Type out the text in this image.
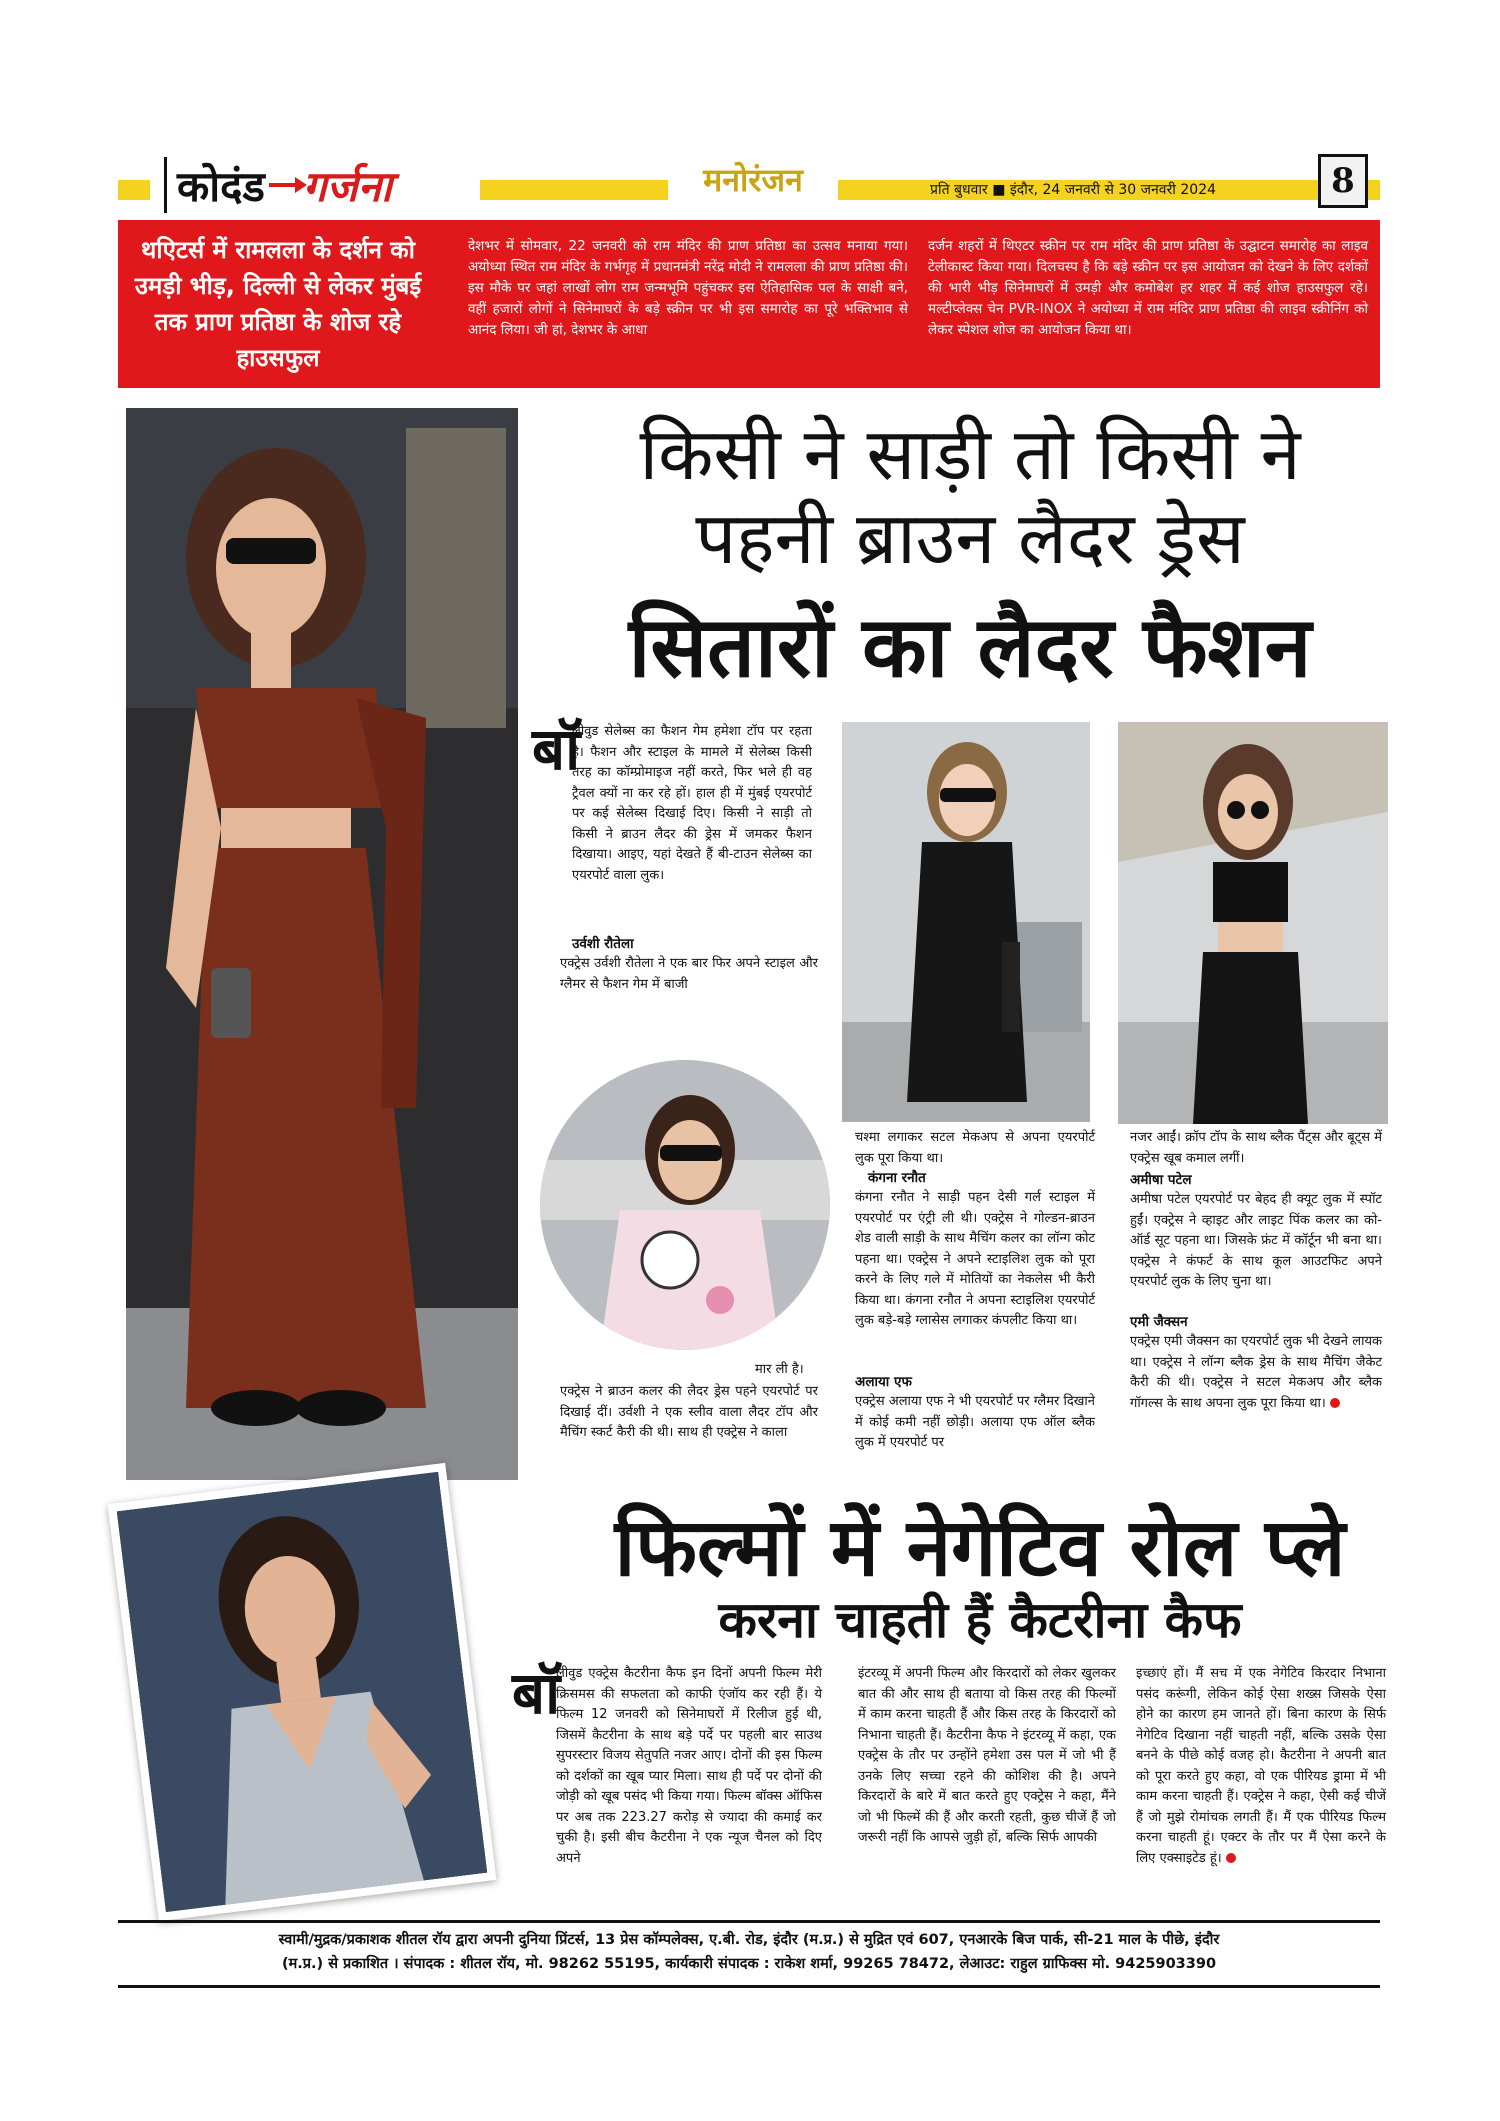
कोदंड गर्जना	मनोरंजन	प्रति बुधवार ■ इंदौर, 24 जनवरी से 30 जनवरी 2024	8
थएिटर्स में रामलला के दर्शन को उमड़ी भीड़, दिल्ली से लेकर मुंबई तक प्राण प्रतिष्ठा के शोज रहे हाउसफुल
देशभर में सोमवार, 22 जनवरी को राम मंदिर की प्राण प्रतिष्ठा का उत्सव मनाया गया। अयोध्या स्थित राम मंदिर के गर्भगृह में प्रधानमंत्री नरेंद्र मोदी ने रामलला की प्राण प्रतिष्ठा की। इस मौके पर जहां लाखों लोग राम जन्मभूमि पहुंचकर इस ऐतिहासिक पल के साक्षी बने, वहीं हजारों लोगों ने सिनेमाघरों के बड़े स्क्रीन पर भी इस समारोह का पूरे भक्तिभाव से आनंद लिया। जी हां, देशभर के आधा
दर्जन शहरों में थिएटर स्क्रीन पर राम मंदिर की प्राण प्रतिष्ठा के उद्घाटन समारोह का लाइव टेलीकास्ट किया गया। दिलचस्प है कि बड़े स्क्रीन पर इस आयोजन को देखने के लिए दर्शकों की भारी भीड़ सिनेमाघरों में उमड़ी और कमोबेश हर शहर में कई शोज हाउसफुल रहे। मल्टीप्लेक्स चेन PVR-INOX ने अयोध्या में राम मंदिर प्राण प्रतिष्ठा की लाइव स्क्रीनिंग को लेकर स्पेशल शोज का आयोजन किया था।
किसी ने साड़ी तो किसी ने
पहनी ब्राउन लैदर ड्रेस
सितारों का लैदर फैशन
बॉ
लीवुड सेलेब्स का फैशन गेम हमेशा टॉप पर रहता है। फैशन और स्टाइल के मामले में सेलेब्स किसी तरह का कॉम्प्रोमाइज नहीं करते, फिर भले ही वह ट्रैवल क्यों ना कर रहे हों। हाल ही में मुंबई एयरपोर्ट पर कई सेलेब्स दिखाई दिए। किसी ने साड़ी तो किसी ने ब्राउन लैदर की ड्रेस में जमकर फैशन दिखाया। आइए, यहां देखते हैं बी-टाउन सेलेब्स का एयरपोर्ट वाला लुक।
उर्वशी रौतेला
एक्ट्रेस उर्वशी रौतेला ने एक बार फिर अपने स्टाइल और ग्लैमर से फैशन गेम में बाजी
मार ली है।
एक्ट्रेस ने ब्राउन कलर की लैदर ड्रेस पहने एयरपोर्ट पर दिखाई दीं। उर्वशी ने एक स्लीव वाला लैदर टॉप और मैचिंग स्कर्ट कैरी की थी। साथ ही एक्ट्रेस ने काला
चश्मा लगाकर सटल मेकअप से अपना एयरपोर्ट लुक पूरा किया था।
कंगना रनौत
कंगना रनौत ने साड़ी पहन देसी गर्ल स्टाइल में एयरपोर्ट पर एंट्री ली थी। एक्ट्रेस ने गोल्डन-ब्राउन शेड वाली साड़ी के साथ मैचिंग कलर का लॉन्ग कोट पहना था। एक्ट्रेस ने अपने स्टाइलिश लुक को पूरा करने के लिए गले में मोतियों का नेकलेस भी कैरी किया था। कंगना रनौत ने अपना स्टाइलिश एयरपोर्ट लुक बड़े-बड़े ग्लासेस लगाकर कंपलीट किया था।
अलाया एफ
एक्ट्रेस अलाया एफ ने भी एयरपोर्ट पर ग्लैमर दिखाने में कोई कमी नहीं छोड़ी। अलाया एफ ऑल ब्लैक लुक में एयरपोर्ट पर
नजर आईं। क्रॉप टॉप के साथ ब्लैक पैंट्स और बूट्स में एक्ट्रेस खूब कमाल लगीं।
अमीषा पटेल
अमीषा पटेल एयरपोर्ट पर बेहद ही क्यूट लुक में स्पॉट हुईं। एक्ट्रेस ने व्हाइट और लाइट पिंक कलर का को-ऑर्ड सूट पहना था। जिसके फ्रंट में कॉर्टून भी बना था। एक्ट्रेस ने कंफर्ट के साथ कूल आउटफिट अपने एयरपोर्ट लुक के लिए चुना था।
एमी जैक्सन
एक्ट्रेस एमी जैक्सन का एयरपोर्ट लुक भी देखने लायक था। एक्ट्रेस ने लॉन्ग ब्लैक ड्रेस के साथ मैचिंग जैकेट कैरी की थी। एक्ट्रेस ने सटल मेकअप और ब्लैक गॉगल्स के साथ अपना लुक पूरा किया था।
फिल्मों में नेगेटिव रोल प्ले
करना चाहती हैं कैटरीना कैफ
बॉ
लीवुड एक्ट्रेस कैटरीना कैफ इन दिनों अपनी फिल्म मेरी क्रिसमस की सफलता को काफी एंजॉय कर रही हैं। ये फिल्म 12 जनवरी को सिनेमाघरों में रिलीज हुई थी, जिसमें कैटरीना के साथ बड़े पर्दे पर पहली बार साउथ सुपरस्टार विजय सेतुपति नजर आए। दोनों की इस फिल्म को दर्शकों का खूब प्यार मिला। साथ ही पर्दे पर दोनों की जोड़ी को खूब पसंद भी किया गया। फिल्म बॉक्स ऑफिस पर अब तक 223.27 करोड़ से ज्यादा की कमाई कर चुकी है। इसी बीच कैटरीना ने एक न्यूज चैनल को दिए अपने
इंटरव्यू में अपनी फिल्म और किरदारों को लेकर खुलकर बात की और साथ ही बताया वो किस तरह की फिल्मों में काम करना चाहती हैं और किस तरह के किरदारों को निभाना चाहती हैं। कैटरीना कैफ ने इंटरव्यू में कहा, एक एक्ट्रेस के तौर पर उन्होंने हमेशा उस पल में जो भी हैं उनके लिए सच्चा रहने की कोशिश की है। अपने किरदारों के बारे में बात करते हुए एक्ट्रेस ने कहा, मैंने जो भी फिल्में की हैं और करती रहती, कुछ चीजें हैं जो जरूरी नहीं कि आपसे जुड़ी हों, बल्कि सिर्फ आपकी
इच्छाएं हों। मैं सच में एक नेगेटिव किरदार निभाना पसंद करूंगी, लेकिन कोई ऐसा शख्स जिसके ऐसा होने का कारण हम जानते हों। बिना कारण के सिर्फ नेगेटिव दिखाना नहीं चाहती नहीं, बल्कि उसके ऐसा बनने के पीछे कोई वजह हो। कैटरीना ने अपनी बात को पूरा करते हुए कहा, वो एक पीरियड ड्रामा में भी काम करना चाहती हैं। एक्ट्रेस ने कहा, ऐसी कई चीजें हैं जो मुझे रोमांचक लगती हैं। मैं एक पीरियड फिल्म करना चाहती हूं। एक्टर के तौर पर मैं ऐसा करने के लिए एक्साइटेड हूं।
स्वामी/मुद्रक/प्रकाशक शीतल रॉय द्वारा अपनी दुनिया प्रिंटर्स, 13 प्रेस कॉम्पलेक्स, ए.बी. रोड, इंदौर (म.प्र.) से मुद्रित एवं 607, एनआरके बिज पार्क, सी-21 माल के पीछे, इंदौर
(म.प्र.) से प्रकाशित । संपादक : शीतल रॉय, मो. 98262 55195, कार्यकारी संपादक : राकेश शर्मा, 99265 78472, लेआउट: राहुल ग्राफिक्स मो. 9425903390
